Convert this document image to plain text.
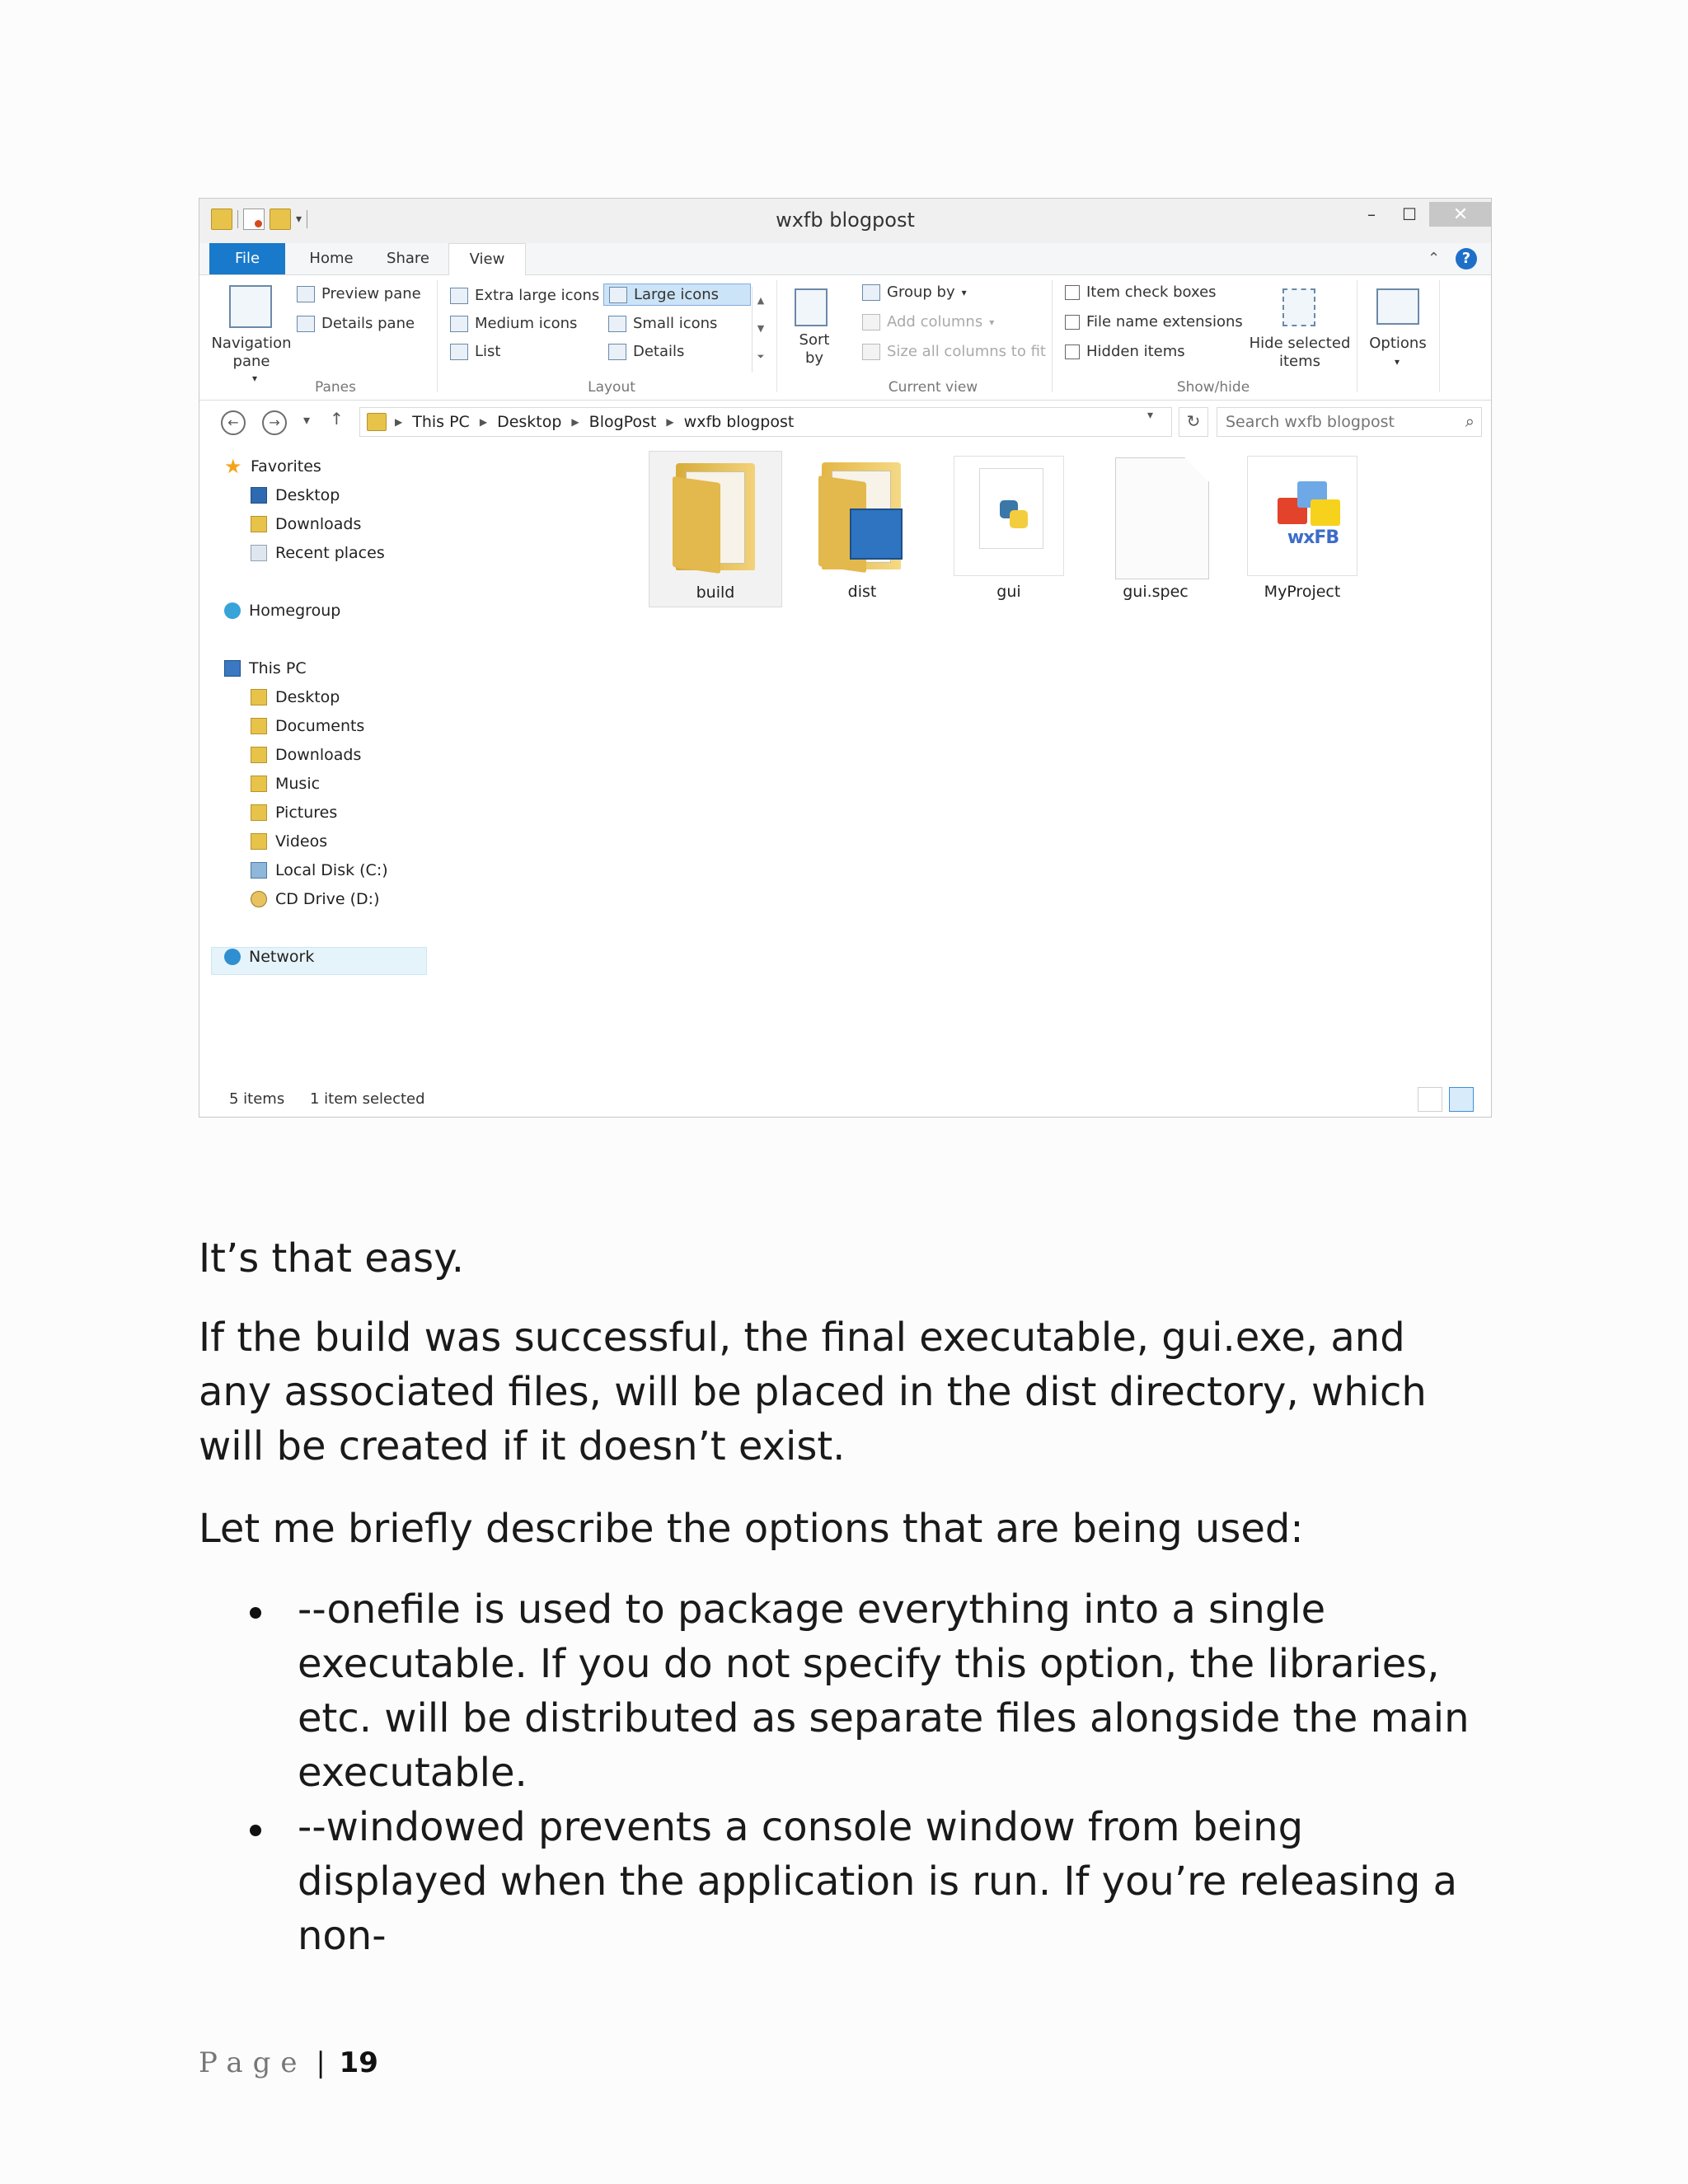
▾	wxfb blogpost	–	☐	✕
File	Home	Share	View	⌃	?
Navigation pane
▾
Preview pane
Details pane
Panes
Extra large icons Large icons
Medium icons	Small icons
List	Details
▲
▼
⏷
Layout
Sort by
Group by ▾
Add columns ▾
Size all columns to fit
Current view
Item check boxes
File name extensions
Hidden items	Hide selected items
Show/hide
Options
▾
←	→	▾ ↑	▶ This PC ▶ Desktop ▶ BlogPost ▶ wxfb blogpost	▾	↻
Search wxfb blogpost	⌕
★ Favorites
Desktop
Downloads
Recent places
Homegroup
This PC
Desktop
Documents
Downloads
Music
Pictures
Videos
Local Disk (C:)
CD Drive (D:)
Network
build	dist	gui	gui.spec
wxFB
MyProject
5 items 1 item selected
It’s that easy.
If the build was successful, the final executable, gui.exe, and any associated files, will be placed in the dist directory, which will be created if it doesn’t exist.
Let me briefly describe the options that are being used:
--onefile is used to package everything into a single executable. If you do not specify this option, the libraries, etc. will be distributed as separate files alongside the main executable.
--windowed prevents a console window from being displayed when the application is run. If you’re releasing a non-
Page | 19
